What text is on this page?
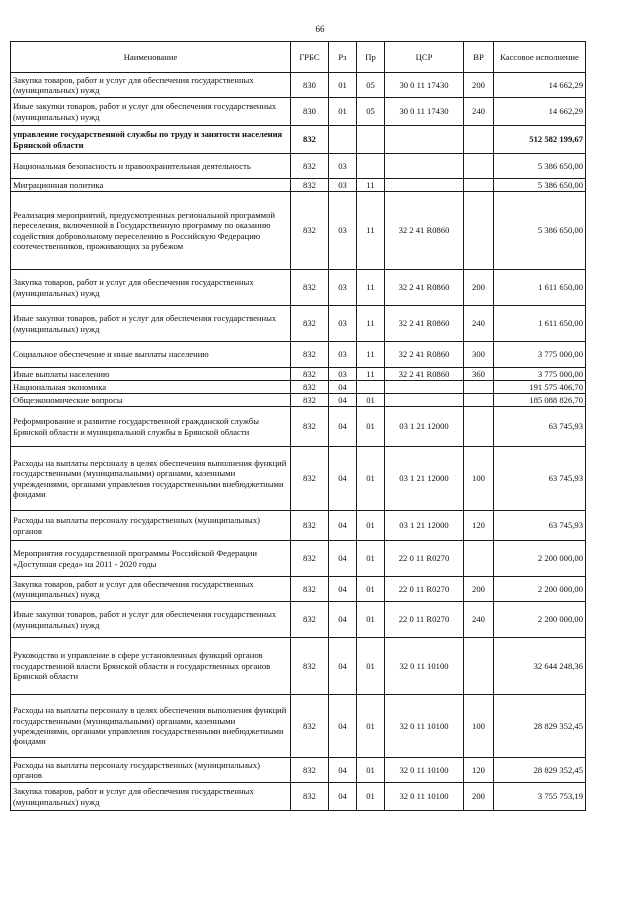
66
Наименование	ГРБС	Рз	Пр	ЦСР	ВР	Кассовое исполнение
Закупка товаров, работ и услуг для обеспечения государственных (муниципальных) нужд	830	01	05	30 0 11 17430	200	14 662,29
Иные закупки товаров, работ и услуг для обеспечения государственных (муниципальных) нужд	830	01	05	30 0 11 17430	240	14 662,29
управление государственной службы по труду и занятости населения Брянской области	832					512 582 199,67
Национальная безопасность и правоохранительная деятельность	832	03				5 386 650,00
Миграционная политика	832	03	11			5 386 650,00
Реализация мероприятий, предусмотренных региональной программой переселения, включенной в Государственную программу по оказанию содействия добровольному переселению в Российскую Федерацию соотечественников, проживающих за рубежом	832	03	11	32 2 41 R0860		5 386 650,00
Закупка товаров, работ и услуг для обеспечения государственных (муниципальных) нужд	832	03	11	32 2 41 R0860	200	1 611 650,00
Иные закупки товаров, работ и услуг для обеспечения государственных (муниципальных) нужд	832	03	11	32 2 41 R0860	240	1 611 650,00
Социальное обеспечение и иные выплаты населению	832	03	11	32 2 41 R0860	300	3 775 000,00
Иные выплаты населению	832	03	11	32 2 41 R0860	360	3 775 000,00
Национальная экономика	832	04				191 575 406,70
Общеэкономические вопросы	832	04	01			185 088 826,70
Реформирование и развитие государственной гражданской службы Брянской области и муниципальной службы в Брянской области	832	04	01	03 1 21 12000		63 745,93
Расходы на выплаты персоналу в целях обеспечения выполнения функций государственными (муниципальными) органами, казенными учреждениями, органами управления государственными внебюджетными фондами	832	04	01	03 1 21 12000	100	63 745,93
Расходы на выплаты персоналу государственных (муниципальных) органов	832	04	01	03 1 21 12000	120	63 745,93
Мероприятия государственной программы Российской Федерации «Доступная среда» на 2011 - 2020 годы	832	04	01	22 0 11 R0270		2 200 000,00
Закупка товаров, работ и услуг для обеспечения государственных (муниципальных) нужд	832	04	01	22 0 11 R0270	200	2 200 000,00
Иные закупки товаров, работ и услуг для обеспечения государственных (муниципальных) нужд	832	04	01	22 0 11 R0270	240	2 200 000,00
Руководство и управление в сфере установленных функций органов государственной власти Брянской области и государственных органов Брянской области	832	04	01	32 0 11 10100		32 644 248,36
Расходы на выплаты персоналу в целях обеспечения выполнения функций государственными (муниципальными) органами, казенными учреждениями, органами управления государственными внебюджетными фондами	832	04	01	32 0 11 10100	100	28 829 352,45
Расходы на выплаты персоналу государственных (муниципальных) органов	832	04	01	32 0 11 10100	120	28 829 352,45
Закупка товаров, работ и услуг для обеспечения государственных (муниципальных) нужд	832	04	01	32 0 11 10100	200	3 755 753,19
